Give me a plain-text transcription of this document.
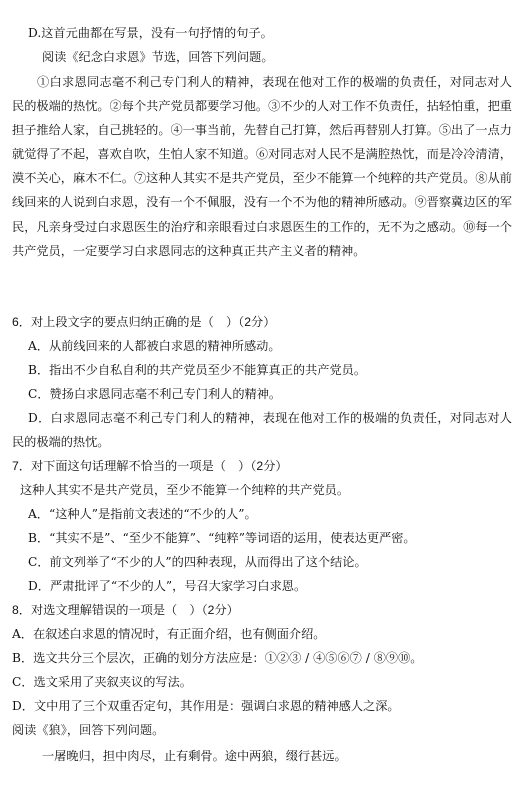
D.这首元曲都在写景，没有一句抒情的句子。
阅读《纪念白求恩》节选，回答下列问题。
①白求恩同志毫不利己专门利人的精神，表现在他对工作的极端的负责任，对同志对人民的极端的热忱。②每个共产党员都要学习他。③不少的人对工作不负责任，拈轻怕重，把重担子推给人家，自己挑轻的。④一事当前，先替自己打算，然后再替别人打算。⑤出了一点力就觉得了不起，喜欢自吹，生怕人家不知道。⑥对同志对人民不是满腔热忱，而是冷冷清清，漠不关心，麻木不仁。⑦这种人其实不是共产党员，至少不能算一个纯粹的共产党员。⑧从前线回来的人说到白求恩，没有一个不佩服，没有一个不为他的精神所感动。⑨晋察冀边区的军民，凡亲身受过白求恩医生的治疗和亲眼看过白求恩医生的工作的，无不为之感动。⑩每一个共产党员，一定要学习白求恩同志的这种真正共产主义者的精神。
6．对上段文字的要点归纳正确的是（　）（2分）
A．从前线回来的人都被白求恩的精神所感动。
B．指出不少自私自利的共产党员至少不能算真正的共产党员。
C．赞扬白求恩同志毫不利己专门利人的精神。
D．白求恩同志毫不利己专门利人的精神，表现在他对工作的极端的负责任，对同志对人民的极端的热忱。
7．对下面这句话理解不恰当的一项是（　）（2分）
这种人其实不是共产党员，至少不能算一个纯粹的共产党员。
A．“这种人”是指前文表述的“不少的人”。
B．“其实不是”、“至少不能算”、“纯粹”等词语的运用，使表达更严密。
C．前文列举了“不少的人”的四种表现，从而得出了这个结论。
D．严肃批评了“不少的人”，号召大家学习白求恩。
8．对选文理解错误的一项是（　）（2分）
A．在叙述白求恩的情况时，有正面介绍，也有侧面介绍。
B．选文共分三个层次，正确的划分方法应是：①②③ / ④⑤⑥⑦ / ⑧⑨⑩。
C．选文采用了夹叙夹议的写法。
D．文中用了三个双重否定句，其作用是：强调白求恩的精神感人之深。
阅读《狼》，回答下列问题。
一屠晚归，担中肉尽，止有剩骨。途中两狼，缀行甚远。
